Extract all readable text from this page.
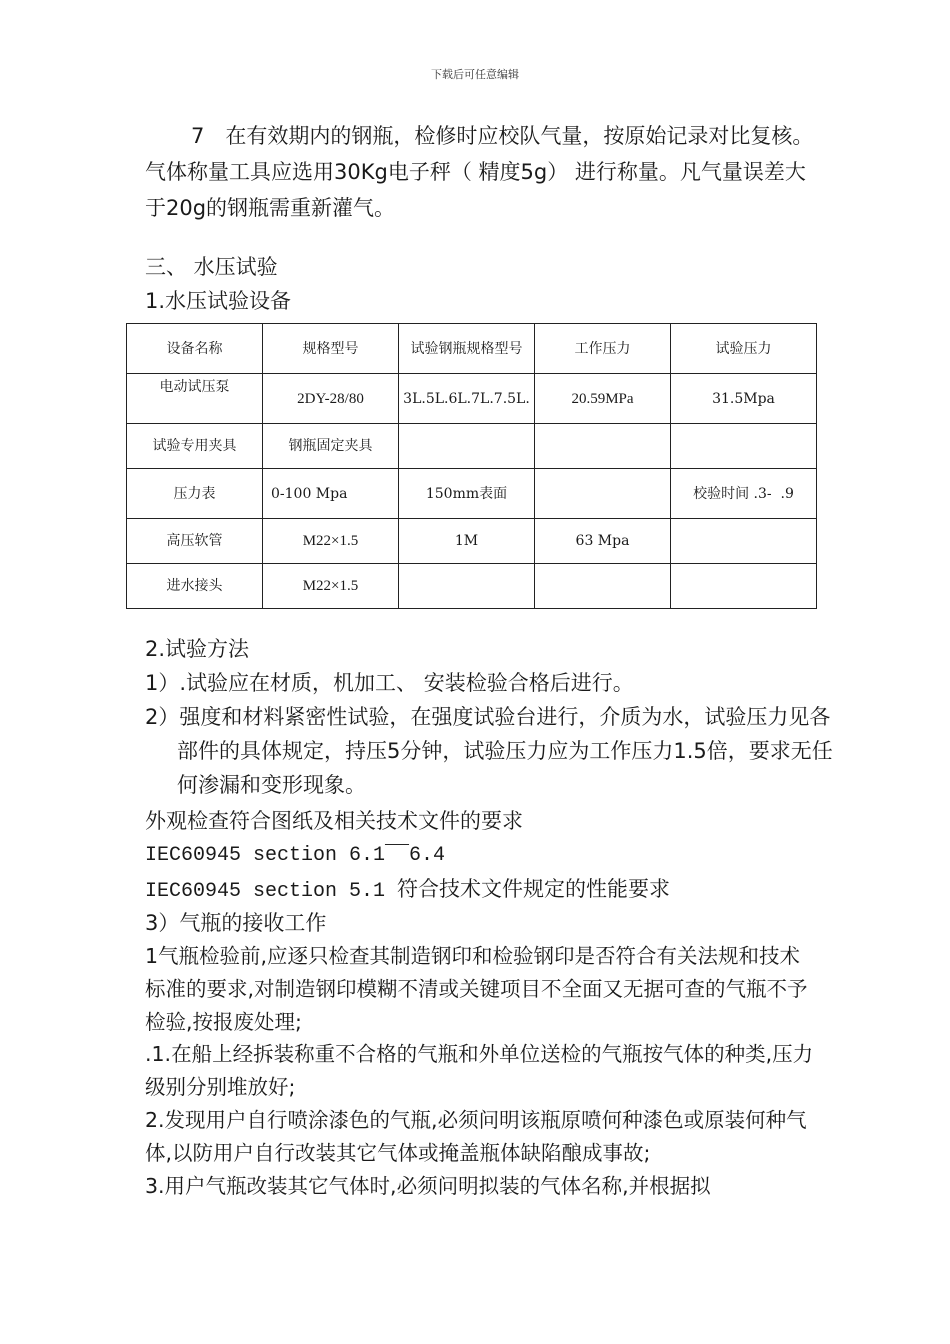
下载后可任意编辑
7　在有效期内的钢瓶，检修时应校队气量，按原始记录对比复核。气体称量工具应选用30Kg电子秤（ 精度5g） 进行称量。凡气量误差大于20g的钢瓶需重新灌气。
三、 水压试验
1.水压试验设备
设备名称	规格型号	试验钢瓶规格型号	工作压力	试验压力
电动试压泵	2DY-28/80	3L.5L.6L.7L.7.5L.	20.59MPa	31.5Mpa
试验专用夹具	钢瓶固定夹具			
压力表	0-100 Mpa	150mm表面		校验时间 .3-  .9
高压软管	M22×1.5	1M	63 Mpa	
进水接头	M22×1.5			
2.试验方法
1）.试验应在材质，机加工、 安装检验合格后进行。
2）强度和材料紧密性试验，在强度试验台进行，介质为水，试验压力见各部件的具体规定，持压5分钟，试验压力应为工作压力1.5倍，要求无任何渗漏和变形现象。
外观检查符合图纸及相关技术文件的要求
IEC60945 section 6.1¯¯6.4
IEC60945 section 5.1 符合技术文件规定的性能要求
3）气瓶的接收工作
1气瓶检验前,应逐只检查其制造钢印和检验钢印是否符合有关法规和技术标准的要求,对制造钢印模糊不清或关键项目不全面又无据可查的气瓶不予检验,按报废处理;
.1.在船上经拆装称重不合格的气瓶和外单位送检的气瓶按气体的种类,压力级别分别堆放好;
2.发现用户自行喷涂漆色的气瓶,必须问明该瓶原喷何种漆色或原装何种气体,以防用户自行改装其它气体或掩盖瓶体缺陷酿成事故;
3.用户气瓶改装其它气体时,必须问明拟装的气体名称,并根据拟
